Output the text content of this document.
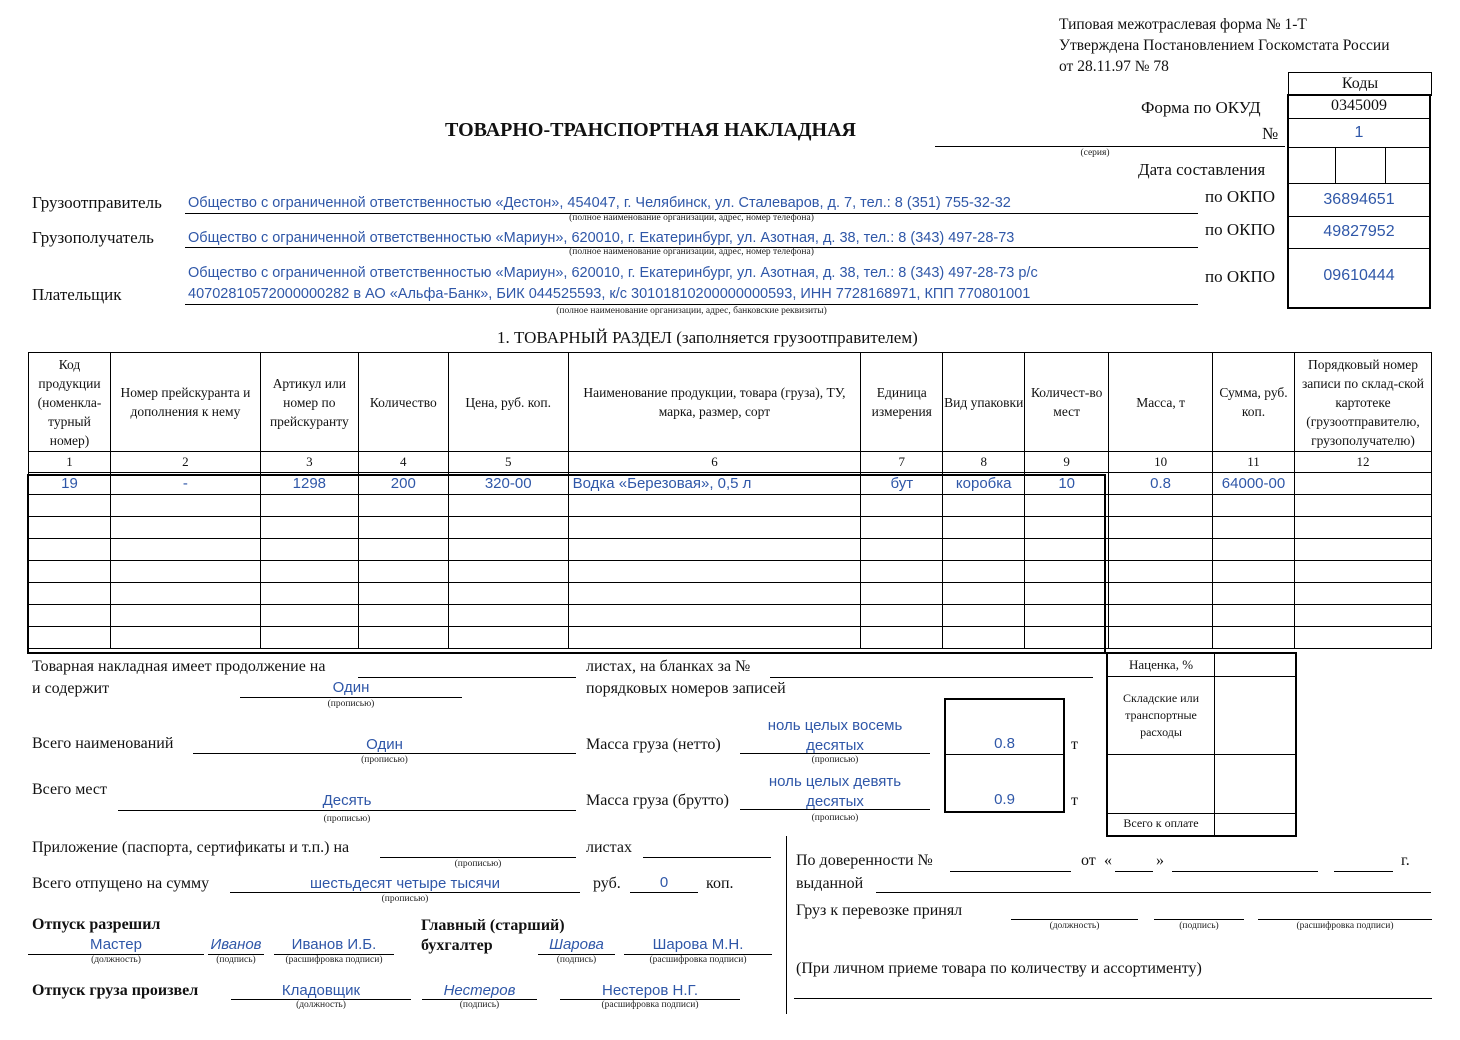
Типовая межотраслевая форма № 1-Т
Утверждена Постановлением Госкомстата России
от 28.11.97 № 78
ТОВАРНО-ТРАНСПОРТНАЯ НАКЛАДНАЯ
(серия)
Коды
0345009
1
36894651
49827952
09610444
Форма по ОКУД
№
Дата составления
по ОКПО
по ОКПО
по ОКПО
Грузоотправитель Общество с ограниченной ответственностью «Дестон», 454047, г. Челябинск, ул. Сталеваров, д. 7, тел.: 8 (351) 755-32-32
(полное наименование организации, адрес, номер телефона)
Грузополучатель Общество с ограниченной ответственностью «Мариун», 620010, г. Екатеринбург, ул. Азотная, д. 38, тел.: 8 (343) 497-28-73
(полное наименование организации, адрес, номер телефона)
Плательщик
Общество с ограниченной ответственностью «Мариун», 620010, г. Екатеринбург, ул. Азотная, д. 38, тел.: 8 (343) 497-28-73 р/с
40702810572000000282 в АО «Альфа-Банк», БИК 044525593, к/с 30101810200000000593, ИНН 7728168971, КПП 770801001
(полное наименование организации, адрес, банковские реквизиты)
1. ТОВАРНЫЙ РАЗДЕЛ (заполняется грузоотправителем)
Код продукции (номенкла-турный номер)	Номер прейскуранта и дополнения к нему	Артикул или номер по прейскуранту	Количество	Цена, руб. коп.	Наименование продукции, товара (груза), ТУ, марка, размер, сорт	Единица измерения	Вид упаковки	Количест-во мест	Масса, т	Сумма, руб. коп.	Порядковый номер записи по склад-ской картотеке (грузоотправителю, грузополучателю)
1	2	3	4	5	6	7	8	9	10	11	12
19	-	1298	200	320-00	Водка «Березовая», 0,5 л	бут	коробка	10	0.8	64000-00	

Товарная накладная имеет продолжение на	листах, на бланках за №
и содержит	Один
(прописью)
порядковых номеров записей
Всего наименований	Один
(прописью)
Всего мест
Десять
(прописью)
Масса груза (нетто)
ноль целых восемь
десятых
(прописью)
Масса груза (брутто)
ноль целых девять
десятых
(прописью)
0.8
0.9
т
т
Наценка, %
Складские или транспортные расходы
Всего к оплате
Приложение (паспорта, сертификаты и т.п.) на
(прописью)
листах
Всего отпущено на сумму	шестьдесят четыре тысячи
(прописью)
руб.	0	коп.
Отпуск разрешил
Мастер
(должность)
Иванов
(подпись)
Иванов И.Б.
(расшифровка подписи)
Главный (старший)
бухгалтер	Шарова
(подпись)
Шарова М.Н.
(расшифровка подписи)
Отпуск груза произвел	Кладовщик
(должность)
Нестеров
(подпись)
Нестеров Н.Г.
(расшифровка подписи)
По доверенности №	от «	»	г.
выданной
Груз к перевозке принял
(должность)	(подпись)	(расшифровка подписи)
(При личном приеме товара по количеству и ассортименту)
